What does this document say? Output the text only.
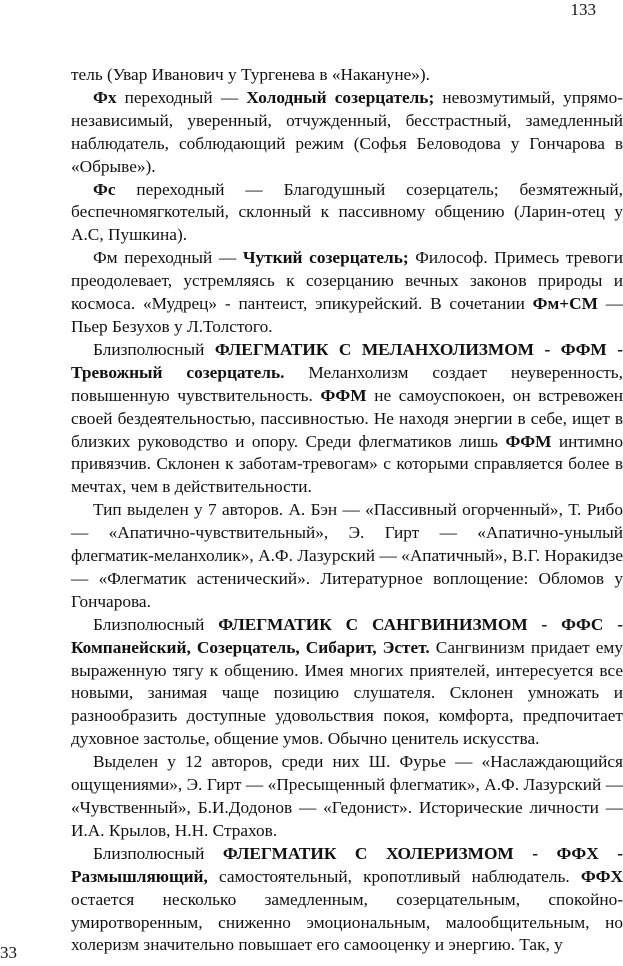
133

тель (Увар Иванович у Тургенева в «Накануне»).

Фх переходный — Холодный созерцатель; невозмутимый, упрямо-независимый, уверенный, отчужденный, бесстрастный, замедленный наблюдатель, соблюдающий режим (Софья Беловодова у Гончарова в «Обрыве»).

Фс переходный — Благодушный созерцатель; безмятежный, беспечномягкотелый, склонный к пассивному общению (Ларин-отец у А.С, Пушкина).

Фм переходный — Чуткий созерцатель; Философ. Примесь тревоги преодолевает, устремляясь к созерцанию вечных законов природы и космоса. «Мудрец» - пантеист, эпикурейский. В сочетании Фм+СМ — Пьер Безухов у Л.Толстого.

Близполюсный ФЛЕГМАТИК С МЕЛАНХОЛИЗМОМ - ФФМ - Тревожный созерцатель. Меланхолизм создает неуверенность, повышенную чувствительность. ФФМ не самоуспокоен, он встревожен своей бездеятельностью, пассивностью. Не находя энергии в себе, ищет в близких руководство и опору. Среди флегматиков лишь ФФМ интимно привязчив. Склонен к заботам-тревогам» с которыми справляется более в мечтах, чем в действительности.

Тип выделен у 7 авторов. А. Бэн — «Пассивный огорченный», Т. Рибо — «Апатично-чувствительный», Э. Гирт — «Апатично-унылый флегматик-меланхолик», А.Ф. Лазурский — «Апатичный», В.Г. Норакидзе — «Флегматик астенический». Литературное воплощение: Обломов у Гончарова.

Близполюсный ФЛЕГМАТИК С САНГВИНИЗМОМ - ФФС - Компанейский, Созерцатель, Сибарит, Эстет. Сангвинизм придает ему выраженную тягу к общению. Имея многих приятелей, интересуется все новыми, занимая чаще позицию слушателя. Склонен умножать и разнообразить доступные удовольствия покоя, комфорта, предпочитает духовное застолье, общение умов. Обычно ценитель искусства.

Выделен у 12 авторов, среди них Ш. Фурье — «Наслаждающийся ощущениями», Э. Гирт — «Пресыщенный флегматик», А.Ф. Лазурский — «Чувственный», Б.И.Додонов — «Гедонист». Исторические личности — И.А. Крылов, Н.Н. Страхов.

Близполюсный ФЛЕГМАТИК С ХОЛЕРИЗМОМ - ФФХ - Размышляющий, самостоятельный, кропотливый наблюдатель. ФФХ остается несколько замедленным, созерцательным, спокойно-умиротворенным, сниженно эмоциональным, малообщительным, но холеризм значительно повышает его самооценку и энергию. Так, у

33
